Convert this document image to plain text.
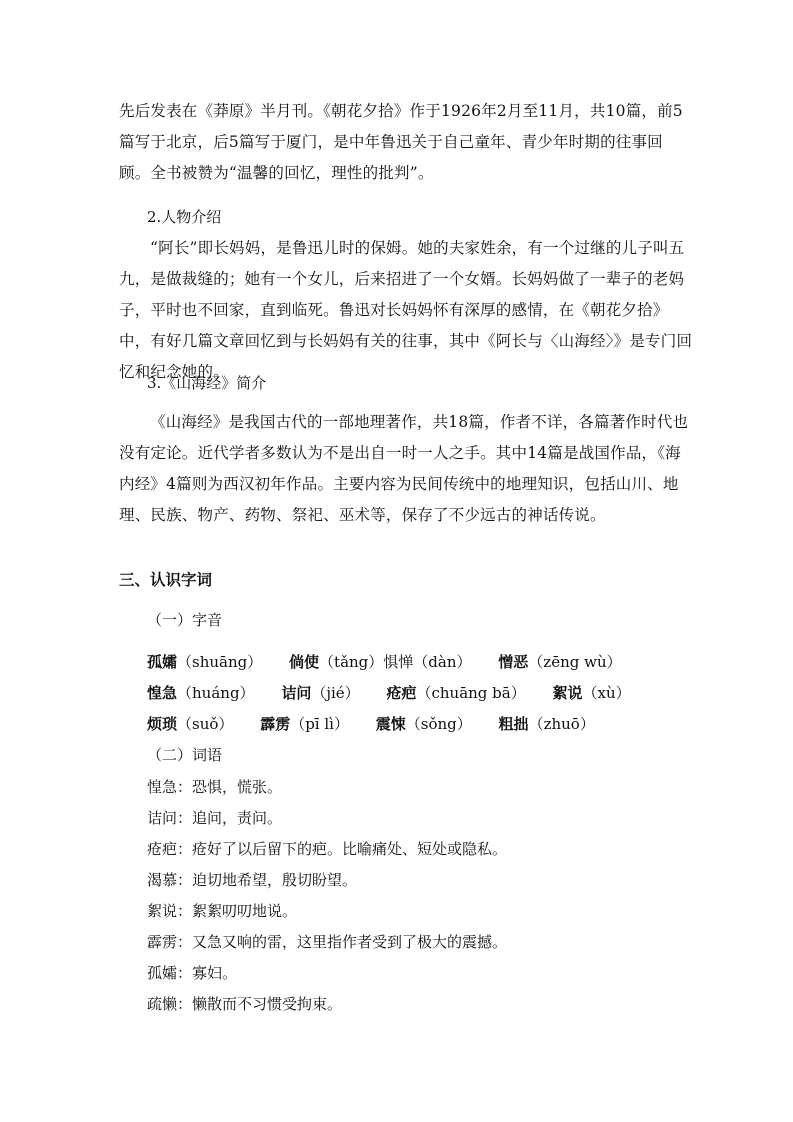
先后发表在《莽原》半月刊。《朝花夕拾》作于1926年2月至11月，共10篇，前5篇写于北京，后5篇写于厦门，是中年鲁迅关于自己童年、青少年时期的往事回顾。全书被赞为“温馨的回忆，理性的批判”。

2.人物介绍

“阿长”即长妈妈，是鲁迅儿时的保姆。她的夫家姓余，有一个过继的儿子叫五九，是做裁缝的；她有一个女儿，后来招进了一个女婿。长妈妈做了一辈子的老妈子，平时也不回家，直到临死。鲁迅对长妈妈怀有深厚的感情，在《朝花夕拾》中，有好几篇文章回忆到与长妈妈有关的往事，其中《阿长与〈山海经〉》是专门回忆和纪念她的。

3.《山海经》简介

《山海经》是我国古代的一部地理著作，共18篇，作者不详，各篇著作时代也没有定论。近代学者多数认为不是出自一时一人之手。其中14篇是战国作品，《海内经》4篇则为西汉初年作品。主要内容为民间传统中的地理知识，包括山川、地理、民族、物产、药物、祭祀、巫术等，保存了不少远古的神话传说。

三、认识字词

（一）字音

孤孀（shuāng） 倘使（tǎng）惧惮（dàn） 憎恶（zēng wù）
惶急（huáng） 诘问（jié） 疮疤（chuāng bā） 絮说（xù）
烦琐（suǒ） 霹雳（pī lì） 震悚（sǒng） 粗拙（zhuō）

（二）词语

惶急：恐惧，慌张。
诘问：追问，责问。
疮疤：疮好了以后留下的疤。比喻痛处、短处或隐私。
渴慕：迫切地希望，殷切盼望。
絮说：絮絮叨叨地说。
霹雳：又急又响的雷，这里指作者受到了极大的震撼。
孤孀：寡妇。
疏懒：懒散而不习惯受拘束。
